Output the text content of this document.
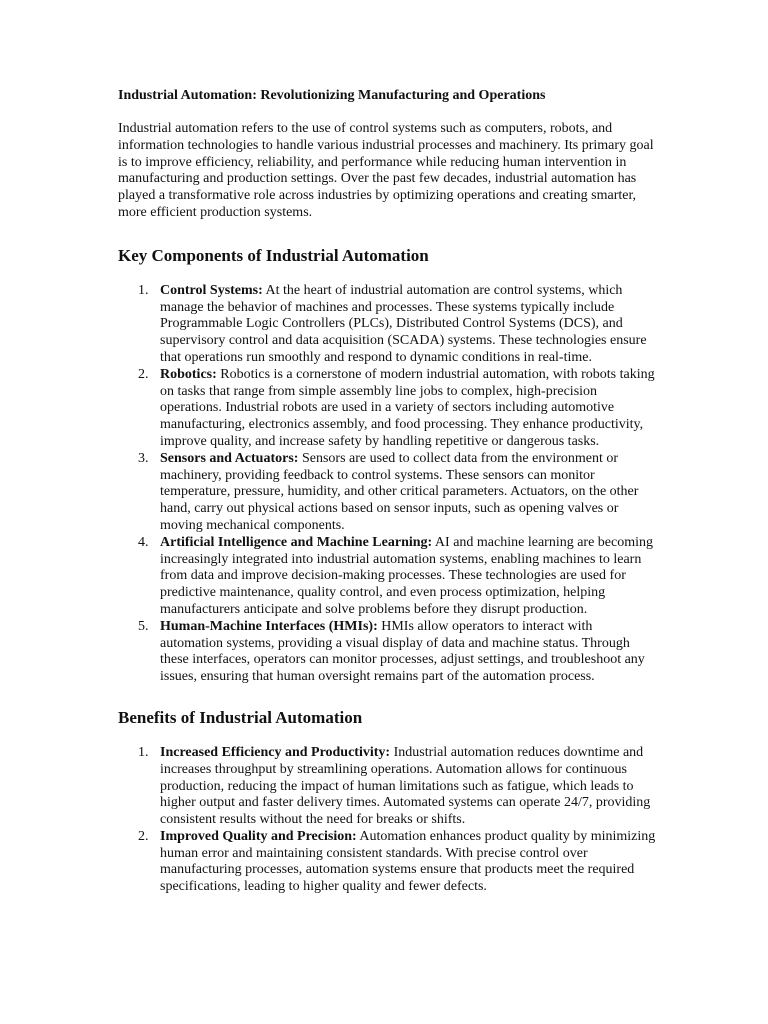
Industrial Automation: Revolutionizing Manufacturing and Operations

Industrial automation refers to the use of control systems such as computers, robots, and information technologies to handle various industrial processes and machinery. Its primary goal is to improve efficiency, reliability, and performance while reducing human intervention in manufacturing and production settings. Over the past few decades, industrial automation has played a transformative role across industries by optimizing operations and creating smarter, more efficient production systems.

Key Components of Industrial Automation
1. Control Systems: At the heart of industrial automation are control systems, which manage the behavior of machines and processes. These systems typically include Programmable Logic Controllers (PLCs), Distributed Control Systems (DCS), and supervisory control and data acquisition (SCADA) systems. These technologies ensure that operations run smoothly and respond to dynamic conditions in real-time.
2. Robotics: Robotics is a cornerstone of modern industrial automation, with robots taking on tasks that range from simple assembly line jobs to complex, high-precision operations. Industrial robots are used in a variety of sectors including automotive manufacturing, electronics assembly, and food processing. They enhance productivity, improve quality, and increase safety by handling repetitive or dangerous tasks.
3. Sensors and Actuators: Sensors are used to collect data from the environment or machinery, providing feedback to control systems. These sensors can monitor temperature, pressure, humidity, and other critical parameters. Actuators, on the other hand, carry out physical actions based on sensor inputs, such as opening valves or moving mechanical components.
4. Artificial Intelligence and Machine Learning: AI and machine learning are becoming increasingly integrated into industrial automation systems, enabling machines to learn from data and improve decision-making processes. These technologies are used for predictive maintenance, quality control, and even process optimization, helping manufacturers anticipate and solve problems before they disrupt production.
5. Human-Machine Interfaces (HMIs): HMIs allow operators to interact with automation systems, providing a visual display of data and machine status. Through these interfaces, operators can monitor processes, adjust settings, and troubleshoot any issues, ensuring that human oversight remains part of the automation process.
Benefits of Industrial Automation
1. Increased Efficiency and Productivity: Industrial automation reduces downtime and increases throughput by streamlining operations. Automation allows for continuous production, reducing the impact of human limitations such as fatigue, which leads to higher output and faster delivery times. Automated systems can operate 24/7, providing consistent results without the need for breaks or shifts.
2. Improved Quality and Precision: Automation enhances product quality by minimizing human error and maintaining consistent standards. With precise control over manufacturing processes, automation systems ensure that products meet the required specifications, leading to higher quality and fewer defects.
